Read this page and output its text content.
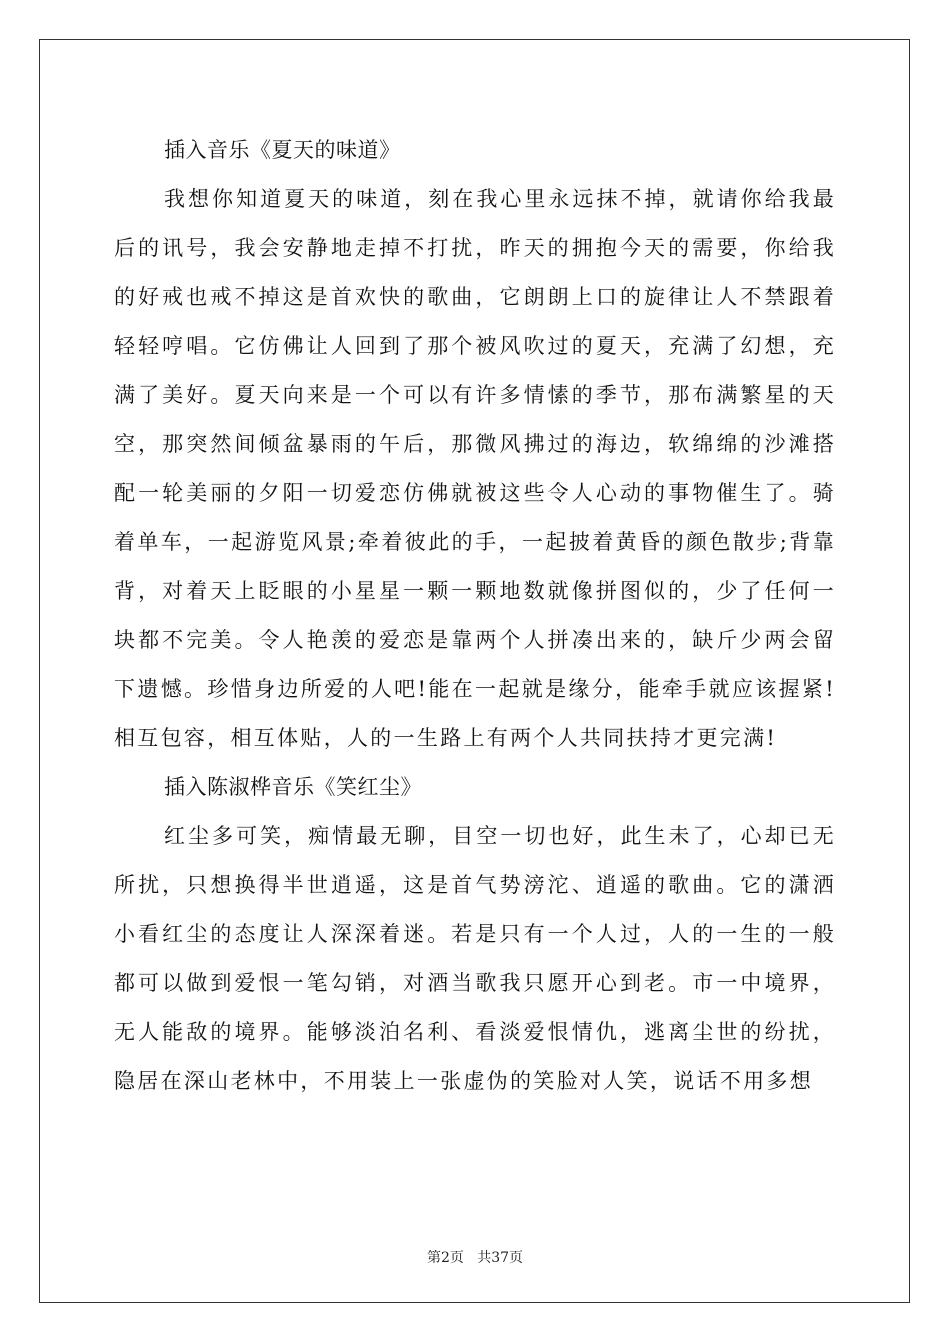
插入音乐《夏天的味道》

我想你知道夏天的味道，刻在我心里永远抹不掉，就请你给我最后的讯号，我会安静地走掉不打扰，昨天的拥抱今天的需要，你给我的好戒也戒不掉这是首欢快的歌曲，它朗朗上口的旋律让人不禁跟着轻轻哼唱。它仿佛让人回到了那个被风吹过的夏天，充满了幻想，充满了美好。夏天向来是一个可以有许多情愫的季节，那布满繁星的天空，那突然间倾盆暴雨的午后，那微风拂过的海边，软绵绵的沙滩搭配一轮美丽的夕阳一切爱恋仿佛就被这些令人心动的事物催生了。骑着单车，一起游览风景;牵着彼此的手，一起披着黄昏的颜色散步;背靠背，对着天上眨眼的小星星一颗一颗地数就像拼图似的，少了任何一块都不完美。令人艳羡的爱恋是靠两个人拼凑出来的，缺斤少两会留下遗憾。珍惜身边所爱的人吧!能在一起就是缘分，能牵手就应该握紧!相互包容，相互体贴，人的一生路上有两个人共同扶持才更完满!

插入陈淑桦音乐《笑红尘》

红尘多可笑，痴情最无聊，目空一切也好，此生未了，心却已无所扰，只想换得半世逍遥，这是首气势滂沱、逍遥的歌曲。它的潇洒小看红尘的态度让人深深着迷。若是只有一个人过，人的一生的一般都可以做到爱恨一笔勾销，对酒当歌我只愿开心到老。市一中境界，无人能敌的境界。能够淡泊名利、看淡爱恨情仇，逃离尘世的纷扰，隐居在深山老林中，不用装上一张虚伪的笑脸对人笑，说话不用多想

第2页   共37页
